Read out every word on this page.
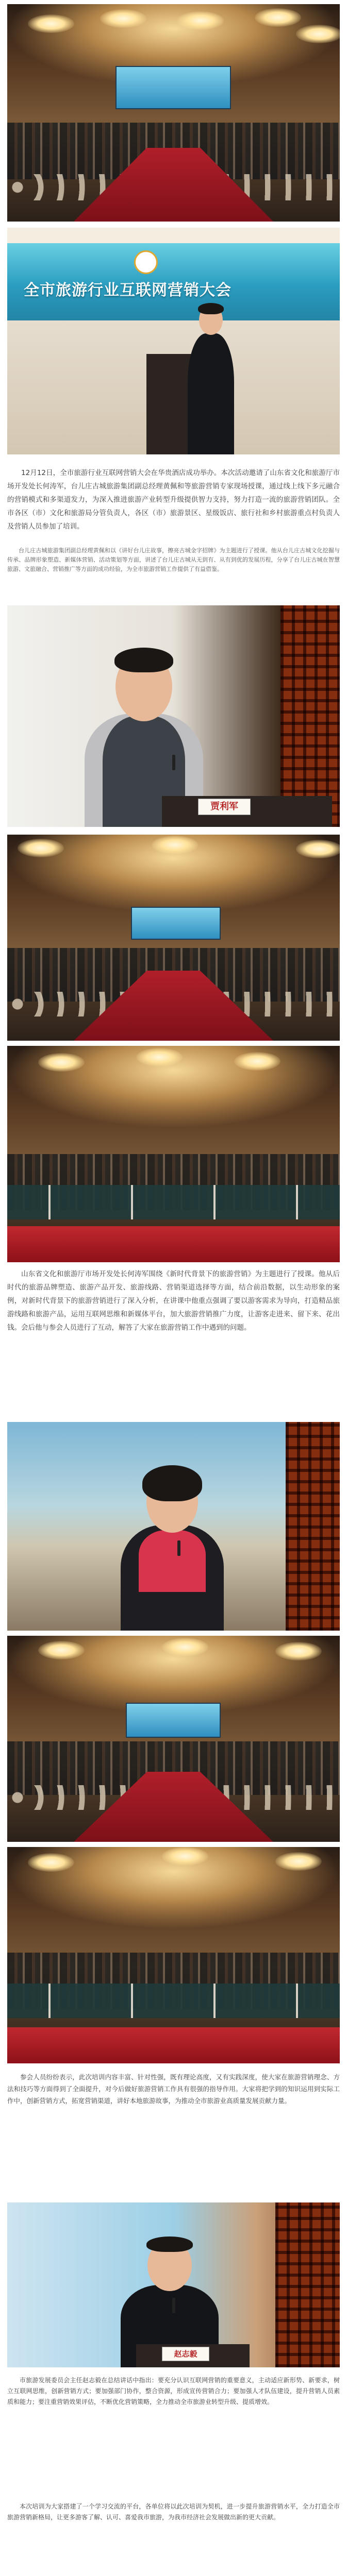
全市旅游行业互联网营销大会

12月12日，全市旅游行业互联网营销大会在华贵酒店成功举办。本次活动邀请了山东省文化和旅游厅市场开发处长何涛军，台儿庄古城旅游集团副总经理黄佩和等旅游营销专家现场授课，通过线上线下多元融合的营销模式和多渠道发力，为深入推进旅游产业转型升级提供智力支持，努力打造一流的旅游营销团队。全市各区（市）文化和旅游局分管负责人，各区（市）旅游景区、星级饭店、旅行社和乡村旅游重点村负责人及营销人员参加了培训。

贾利军

山东省文化和旅游厅市场开发处长何涛军围绕《新时代背景下的旅游营销》为主题进行了授课。他从后时代的旅游品牌塑造、旅游产品开发、旅游线路、营销渠道选择等方面，结合前沿数据，以生动形象的案例，对新时代背景下的旅游营销进行了深入分析，在讲课中他重点强调了要以游客需求为导向，打造精品旅游线路和旅游产品，运用互联网思维和新媒体平台，加大旅游营销推广力度，让游客走进来、留下来、花出钱。会后他与参会人员进行了互动，解答了大家在旅游营销工作中遇到的问题。

参会人员纷纷表示，此次培训内容丰富、针对性强，既有理论高度，又有实践深度，使大家在旅游营销理念、方法和技巧等方面得到了全面提升，对今后做好旅游营销工作具有很强的指导作用。大家将把学到的知识运用到实际工作中，创新营销方式，拓宽营销渠道，讲好本地旅游故事，为推动全市旅游业高质量发展贡献力量。

赵志毅

市旅游发展委员会主任赵志毅在总结讲话中指出：要充分认识互联网营销的重要意义，主动适应新形势、新要求，树立互联网思维，创新营销方式；要加强部门协作，整合资源，形成宣传营销合力；要加强人才队伍建设，提升营销人员素质和能力；要注重营销效果评估，不断优化营销策略，全力推动全市旅游业转型升级、提质增效。

本次培训为大家搭建了一个学习交流的平台，各单位将以此次培训为契机，进一步提升旅游营销水平，全力打造全市旅游营销新格局，让更多游客了解、认可、喜爱我市旅游，为我市经济社会发展做出新的更大贡献。

台儿庄古城旅游集团副总经理黄佩和以《讲好台儿庄故事，擦亮古城金字招牌》为主题进行了授课。他从台儿庄古城文化挖掘与传承、品牌形象塑造、新媒体营销、活动策划等方面，讲述了台儿庄古城从无到有、从有到优的发展历程，分享了台儿庄古城在智慧旅游、文旅融合、营销推广等方面的成功经验，为全市旅游营销工作提供了有益借鉴。
